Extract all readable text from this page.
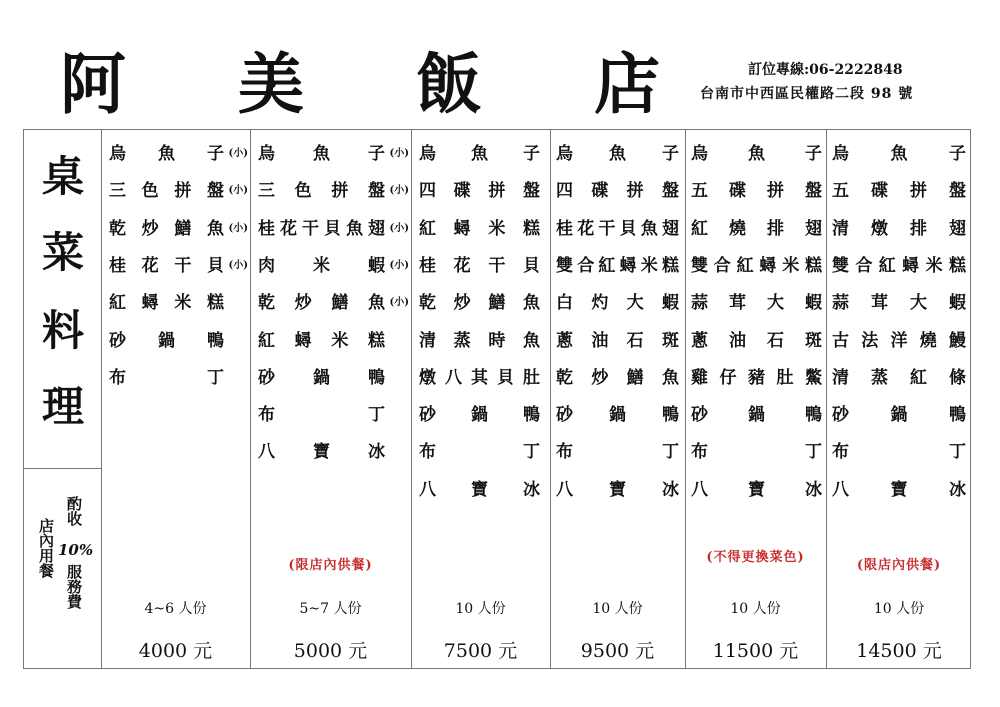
阿 美 飯 店	訂位專線:06-2222848
台南市中西區民權路二段 98 號
桌
菜
料
理
店內用餐
酌收
10%
服務費
烏 魚 子 (小)
三 色 拼 盤 (小)
乾 炒 鱔 魚 (小)
桂 花 干 貝 (小)
紅 蟳 米 糕
砂 鍋 鴨
布	丁
4~6 人份
4000 元
烏 魚 子 (小)
三 色 拼 盤 (小)
桂 花 干 貝 魚 翅 (小)
肉 米 蝦 (小)
乾 炒 鱔 魚 (小)
紅 蟳 米 糕
砂 鍋 鴨
布	丁
八 寶 冰
(限店內供餐)
5~7 人份
5000 元
烏 魚 子
四 碟 拼 盤
紅 蟳 米 糕
桂 花 干 貝
乾 炒 鱔 魚
清 蒸 時 魚
燉 八 其 貝 肚
砂 鍋 鴨
布	丁
八 寶 冰
10 人份
7500 元
烏 魚 子
四 碟 拼 盤
桂 花 干 貝 魚 翅
雙 合 紅 蟳 米 糕
白 灼 大 蝦
蔥 油 石 斑
乾 炒 鱔 魚
砂 鍋 鴨
布	丁
八 寶 冰
10 人份
9500 元
烏 魚 子
五 碟 拼 盤
紅 燒 排 翅
雙 合 紅 蟳 米 糕
蒜 茸 大 蝦
蔥 油 石 斑
雞 仔 豬 肚 鱉
砂 鍋 鴨
布	丁
八 寶 冰
(不得更換菜色)
10 人份
11500 元
烏 魚 子
五 碟 拼 盤
清 燉 排 翅
雙 合 紅 蟳 米 糕
蒜 茸 大 蝦
古 法 洋 燒 鰻
清 蒸 紅 條
砂 鍋 鴨
布	丁
八 寶 冰
(限店內供餐)
10 人份
14500 元
